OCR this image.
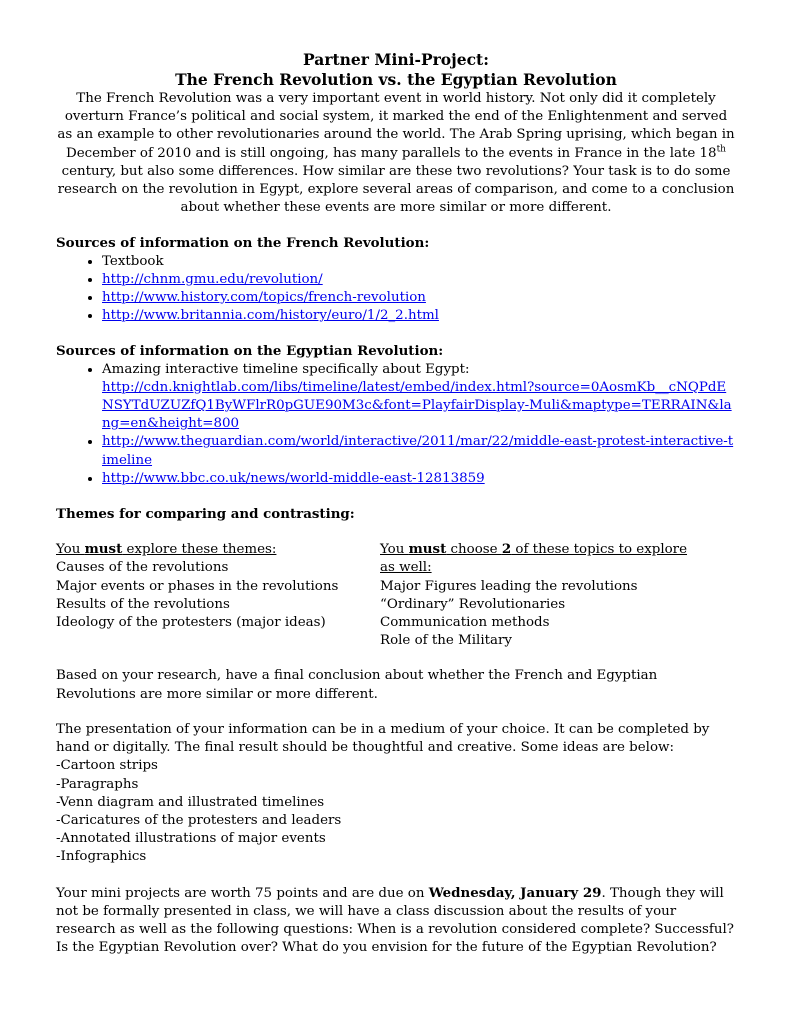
Partner Mini-Project:

The French Revolution vs. the Egyptian Revolution

The French Revolution was a very important event in world history. Not only did it completely overturn France’s political and social system, it marked the end of the Enlightenment and served as an example to other revolutionaries around the world. The Arab Spring uprising, which began in December of 2010 and is still ongoing, has many parallels to the events in France in the late 18th century, but also some differences. How similar are these two revolutions? Your task is to do some research on the revolution in Egypt, explore several areas of comparison, and come to a conclusion about whether these events are more similar or more different.

Sources of information on the French Revolution:

• Textbook
• http://chnm.gmu.edu/revolution/
• http://www.history.com/topics/french-revolution
• http://www.britannia.com/history/euro/1/2_2.html

Sources of information on the Egyptian Revolution:

• Amazing interactive timeline specifically about Egypt:
http://cdn.knightlab.com/libs/timeline/latest/embed/index.html?source=0AosmKb__cNQPdENSYTdUZUZfQ1ByWFlrR0pGUE90M3c&font=PlayfairDisplay-Muli&maptype=TERRAIN&lang=en&height=800
• http://www.theguardian.com/world/interactive/2011/mar/22/middle-east-protest-interactive-timeline
• http://www.bbc.co.uk/news/world-middle-east-12813859

Themes for comparing and contrasting:

You must explore these themes:

Causes of the revolutions

Major events or phases in the revolutions

Results of the revolutions

Ideology of the protesters (major ideas)

You must choose 2 of these topics to explore as well:

Major Figures leading the revolutions

“Ordinary” Revolutionaries

Communication methods

Role of the Military

Based on your research, have a final conclusion about whether the French and Egyptian Revolutions are more similar or more different.

The presentation of your information can be in a medium of your choice. It can be completed by hand or digitally. The final result should be thoughtful and creative. Some ideas are below:

-Cartoon strips

-Paragraphs

-Venn diagram and illustrated timelines

-Caricatures of the protesters and leaders

-Annotated illustrations of major events

-Infographics

Your mini projects are worth 75 points and are due on Wednesday, January 29. Though they will not be formally presented in class, we will have a class discussion about the results of your research as well as the following questions: When is a revolution considered complete? Successful? Is the Egyptian Revolution over? What do you envision for the future of the Egyptian Revolution?
